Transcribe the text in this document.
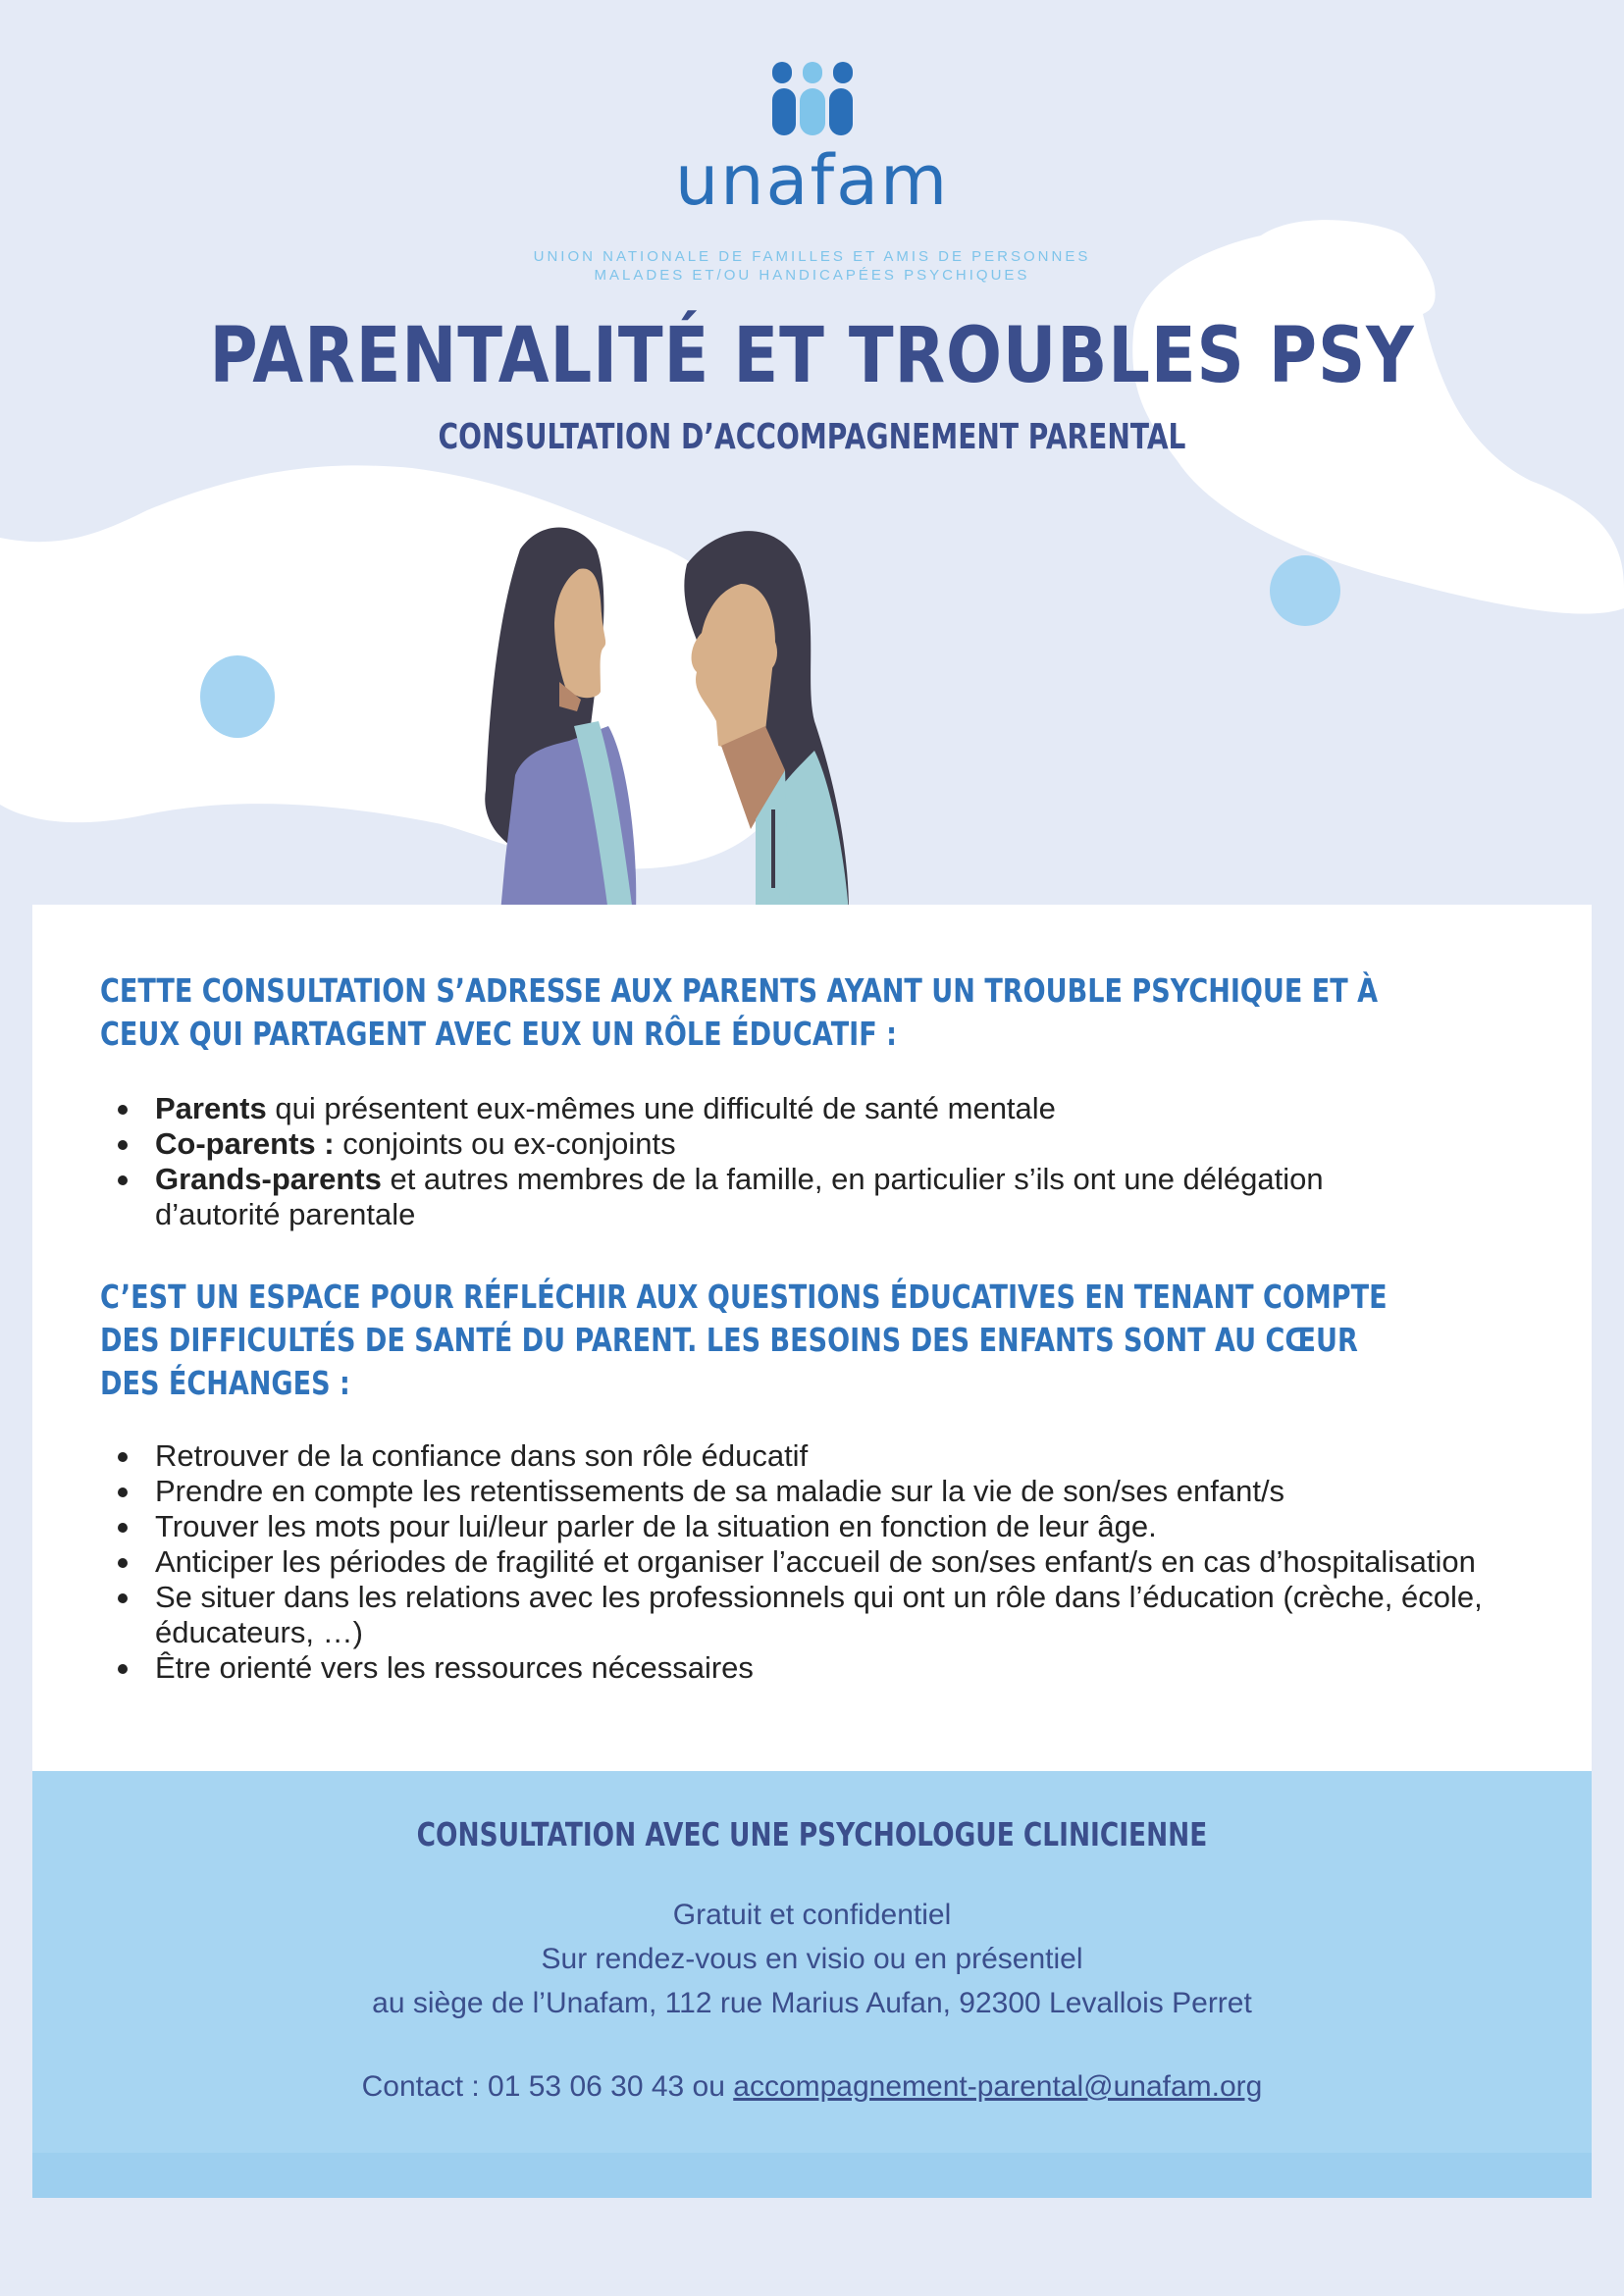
unafam
UNION NATIONALE DE FAMILLES ET AMIS DE PERSONNES
MALADES ET/OU HANDICAPÉES PSYCHIQUES
PARENTALITÉ ET TROUBLES PSY
CONSULTATION D’ACCOMPAGNEMENT PARENTAL
CETTE CONSULTATION S’ADRESSE AUX PARENTS AYANT UN TROUBLE PSYCHIQUE ET À
CEUX QUI PARTAGENT AVEC EUX UN RÔLE ÉDUCATIF :
Parents qui présentent eux-mêmes une difficulté de santé mentale
Co-parents : conjoints ou ex-conjoints
Grands-parents et autres membres de la famille, en particulier s’ils ont une délégation d’autorité parentale
C’EST UN ESPACE POUR RÉFLÉCHIR AUX QUESTIONS ÉDUCATIVES EN TENANT COMPTE
DES DIFFICULTÉS DE SANTÉ DU PARENT. LES BESOINS DES ENFANTS SONT AU CŒUR
DES ÉCHANGES :
Retrouver de la confiance dans son rôle éducatif
Prendre en compte les retentissements de sa maladie sur la vie de son/ses enfant/s
Trouver les mots pour lui/leur parler de la situation en fonction de leur âge.
Anticiper les périodes de fragilité et organiser l’accueil de son/ses enfant/s en cas d’hospitalisation
Se situer dans les relations avec les professionnels qui ont un rôle dans l’éducation (crèche, école, éducateurs, …)
Être orienté vers les ressources nécessaires
CONSULTATION AVEC UNE PSYCHOLOGUE CLINICIENNE
Gratuit et confidentiel
Sur rendez-vous en visio ou en présentiel
au siège de l’Unafam, 112 rue Marius Aufan, 92300 Levallois Perret
Contact : 01 53 06 30 43 ou accompagnement-parental@unafam.org
